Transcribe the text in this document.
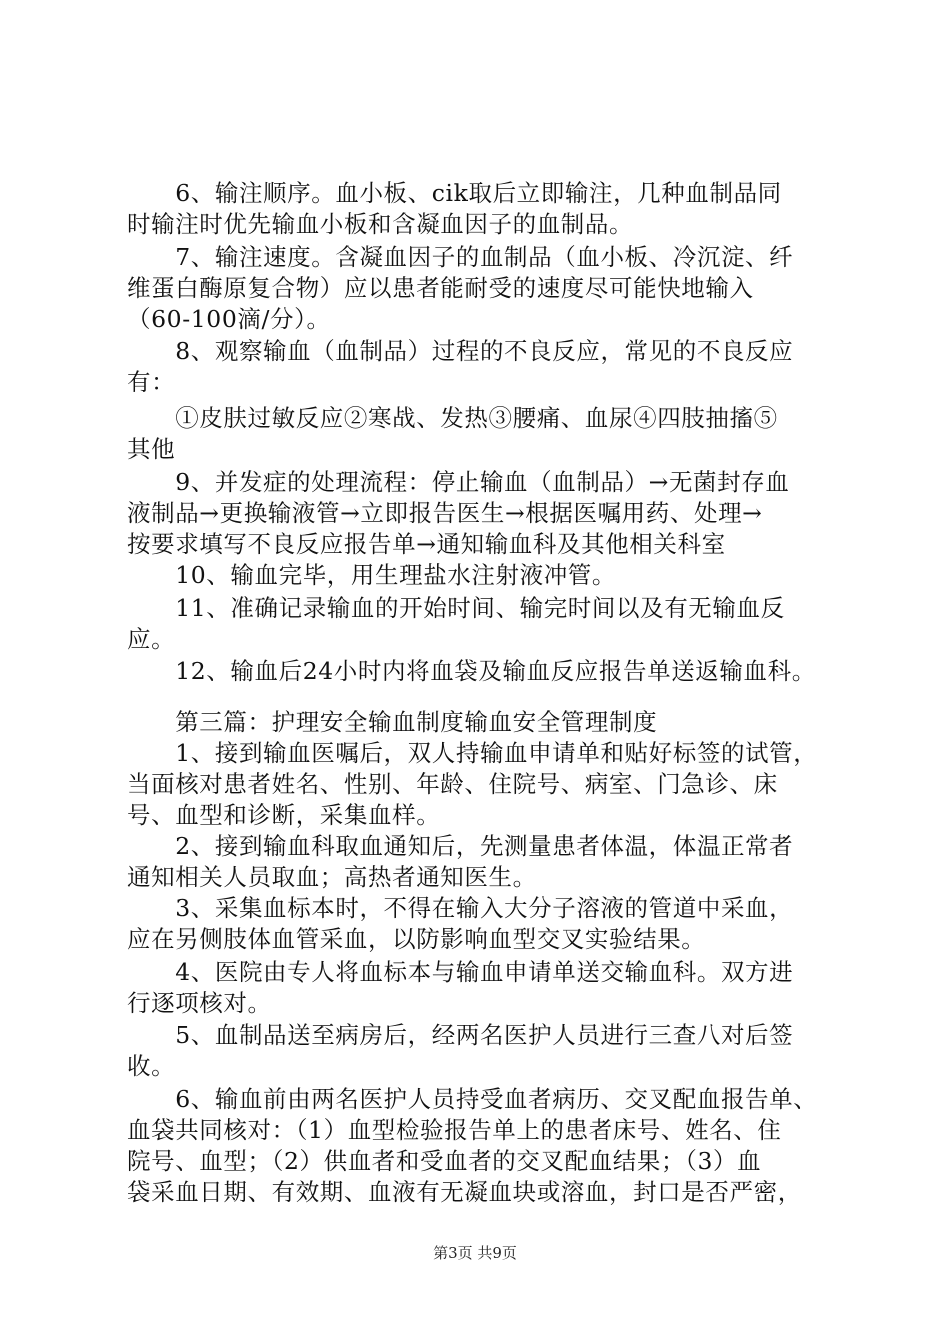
　　6、输注顺序。血小板、cik取后立即输注，几种血制品同
时输注时优先输血小板和含凝血因子的血制品。
　　7、输注速度。含凝血因子的血制品（血小板、冷沉淀、纤
维蛋白酶原复合物）应以患者能耐受的速度尽可能快地输入
（60-100滴/分）。
　　8、观察输血（血制品）过程的不良反应，常见的不良反应
有：
　　①皮肤过敏反应②寒战、发热③腰痛、血尿④四肢抽搐⑤
其他
　　9、并发症的处理流程：停止输血（血制品）→无菌封存血
液制品→更换输液管→立即报告医生→根据医嘱用药、处理→
按要求填写不良反应报告单→通知输血科及其他相关科室
　　10、输血完毕，用生理盐水注射液冲管。
　　11、准确记录输血的开始时间、输完时间以及有无输血反
应。
　　12、输血后24小时内将血袋及输血反应报告单送返输血科。
　　第三篇：护理安全输血制度输血安全管理制度
　　1、接到输血医嘱后，双人持输血申请单和贴好标签的试管，
当面核对患者姓名、性别、年龄、住院号、病室、门急诊、床
号、血型和诊断，采集血样。
　　2、接到输血科取血通知后，先测量患者体温，体温正常者
通知相关人员取血；高热者通知医生。
　　3、采集血标本时，不得在输入大分子溶液的管道中采血，
应在另侧肢体血管采血，以防影响血型交叉实验结果。
　　4、医院由专人将血标本与输血申请单送交输血科。双方进
行逐项核对。
　　5、血制品送至病房后，经两名医护人员进行三查八对后签
收。
　　6、输血前由两名医护人员持受血者病历、交叉配血报告单、
血袋共同核对：（1）血型检验报告单上的患者床号、姓名、住
院号、血型；（2）供血者和受血者的交叉配血结果；（3）血
袋采血日期、有效期、血液有无凝血块或溶血，封口是否严密，
第3页 共9页
